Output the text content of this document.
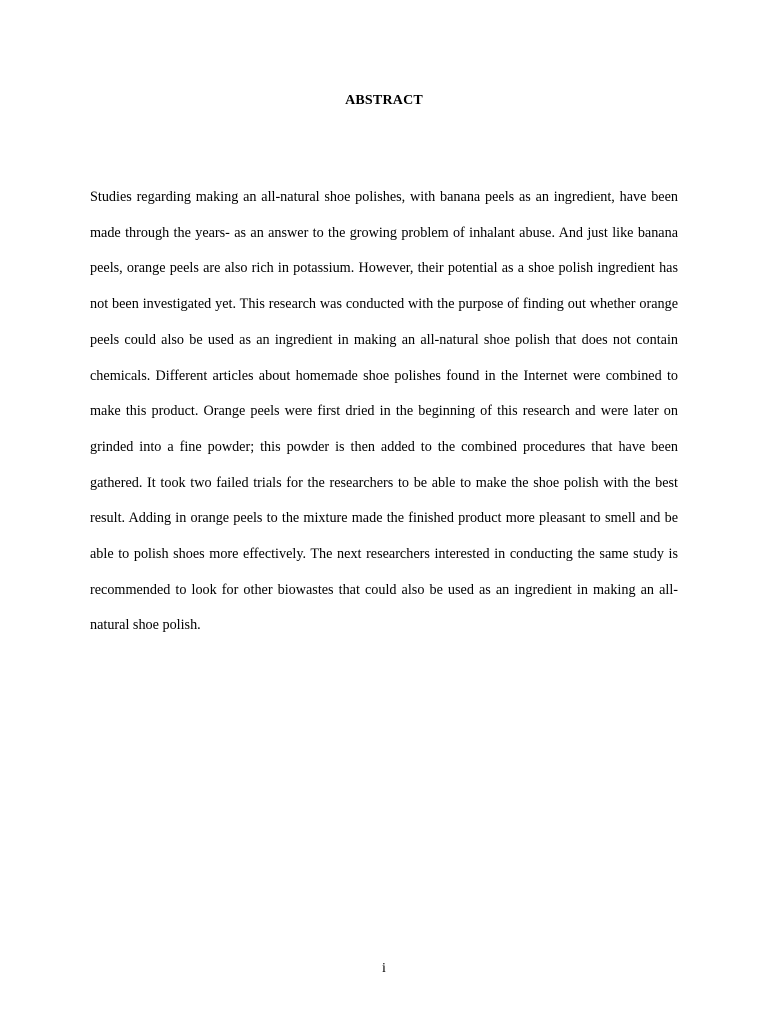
ABSTRACT

Studies regarding making an all-natural shoe polishes, with banana peels as an ingredient, have been made through the years- as an answer to the growing problem of inhalant abuse. And just like banana peels, orange peels are also rich in potassium. However, their potential as a shoe polish ingredient has not been investigated yet. This research was conducted with the purpose of finding out whether orange peels could also be used as an ingredient in making an all-natural shoe polish that does not contain chemicals. Different articles about homemade shoe polishes found in the Internet were combined to make this product. Orange peels were first dried in the beginning of this research and were later on grinded into a fine powder; this powder is then added to the combined procedures that have been gathered. It took two failed trials for the researchers to be able to make the shoe polish with the best result. Adding in orange peels to the mixture made the finished product more pleasant to smell and be able to polish shoes more effectively. The next researchers interested in conducting the same study is recommended to look for other biowastes that could also be used as an ingredient in making an all-natural shoe polish.

i
